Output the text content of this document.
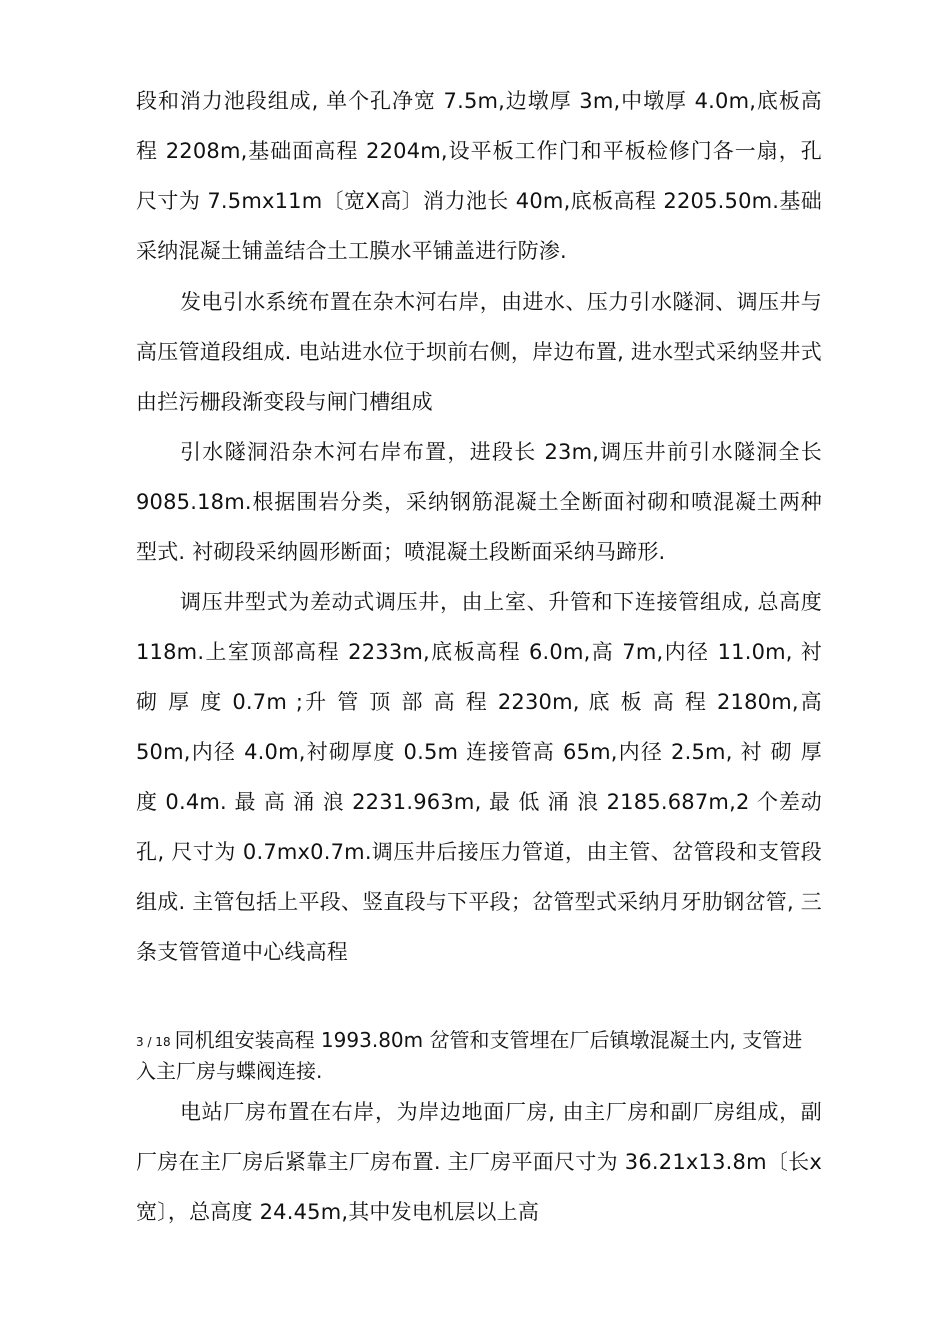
段和消力池段组成, 单个孔净宽 7.5m,边墩厚 3m,中墩厚 4.0m,底板高程 2208m,基础面高程 2204m,设平板工作门和平板检修门各一扇，孔尺寸为 7.5mx11m〔宽X高〕消力池长 40m,底板高程 2205.50m.基础采纳混凝土铺盖结合土工膜水平铺盖进行防渗.

发电引水系统布置在杂木河右岸，由进水、压力引水隧洞、调压井与高压管道段组成. 电站进水位于坝前右侧，岸边布置, 进水型式采纳竖井式由拦污栅段渐变段与闸门槽组成

引水隧洞沿杂木河右岸布置，进段长 23m,调压井前引水隧洞全长 9085.18m.根据围岩分类，采纳钢筋混凝土全断面衬砌和喷混凝土两种型式. 衬砌段采纳圆形断面；喷混凝土段断面采纳马蹄形.

调压井型式为差动式调压井，由上室、升管和下连接管组成, 总高度 118m.上室顶部高程 2233m,底板高程 6.0m,高 7m,内径 11.0m, 衬 砌 厚 度 0.7m ;升 管 顶 部 高 程 2230m, 底 板 高 程 2180m,高 50m,内径 4.0m,衬砌厚度 0.5m 连接管高 65m,内径 2.5m, 衬 砌 厚 度 0.4m. 最 高 涌 浪 2231.963m, 最 低 涌 浪 2185.687m,2 个差动孔, 尺寸为 0.7mx0.7m.调压井后接压力管道，由主管、岔管段和支管段组成. 主管包括上平段、竖直段与下平段；岔管型式采纳月牙肋钢岔管, 三条支管管道中心线高程

3 / 18 同机组安装高程 1993.80m 岔管和支管埋在厂后镇墩混凝土内, 支管进入主厂房与蝶阀连接.

电站厂房布置在右岸，为岸边地面厂房, 由主厂房和副厂房组成，副厂房在主厂房后紧靠主厂房布置. 主厂房平面尺寸为 36.21x13.8m〔长x宽〕，总高度 24.45m,其中发电机层以上高
